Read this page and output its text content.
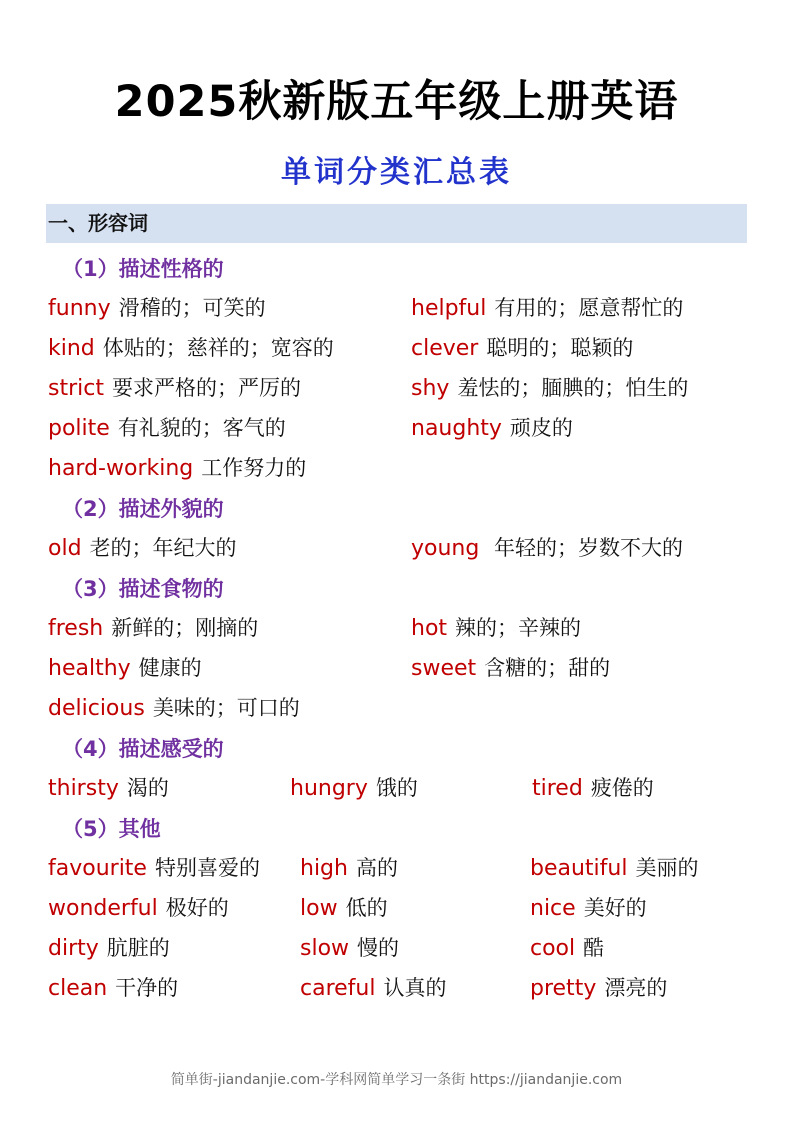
2025秋新版五年级上册英语
单词分类汇总表
一、形容词
（1）描述性格的
funny 滑稽的；可笑的	helpful 有用的；愿意帮忙的
kind 体贴的；慈祥的；宽容的	clever 聪明的；聪颖的
strict 要求严格的；严厉的	shy 羞怯的；腼腆的；怕生的
polite 有礼貌的；客气的	naughty 顽皮的
hard-working 工作努力的
（2）描述外貌的
old 老的；年纪大的	young 年轻的；岁数不大的
（3）描述食物的
fresh 新鲜的；刚摘的	hot 辣的；辛辣的
healthy 健康的	sweet 含糖的；甜的
delicious 美味的；可口的
（4）描述感受的
thirsty 渴的	hungry 饿的	tired 疲倦的
（5）其他
favourite 特别喜爱的 high 高的	beautiful 美丽的
wonderful 极好的	low 低的	nice 美好的
dirty 肮脏的	slow 慢的	cool 酷
clean 干净的	careful 认真的	pretty 漂亮的
简单街-jiandanjie.com-学科网简单学习一条街 https://jiandanjie.com
